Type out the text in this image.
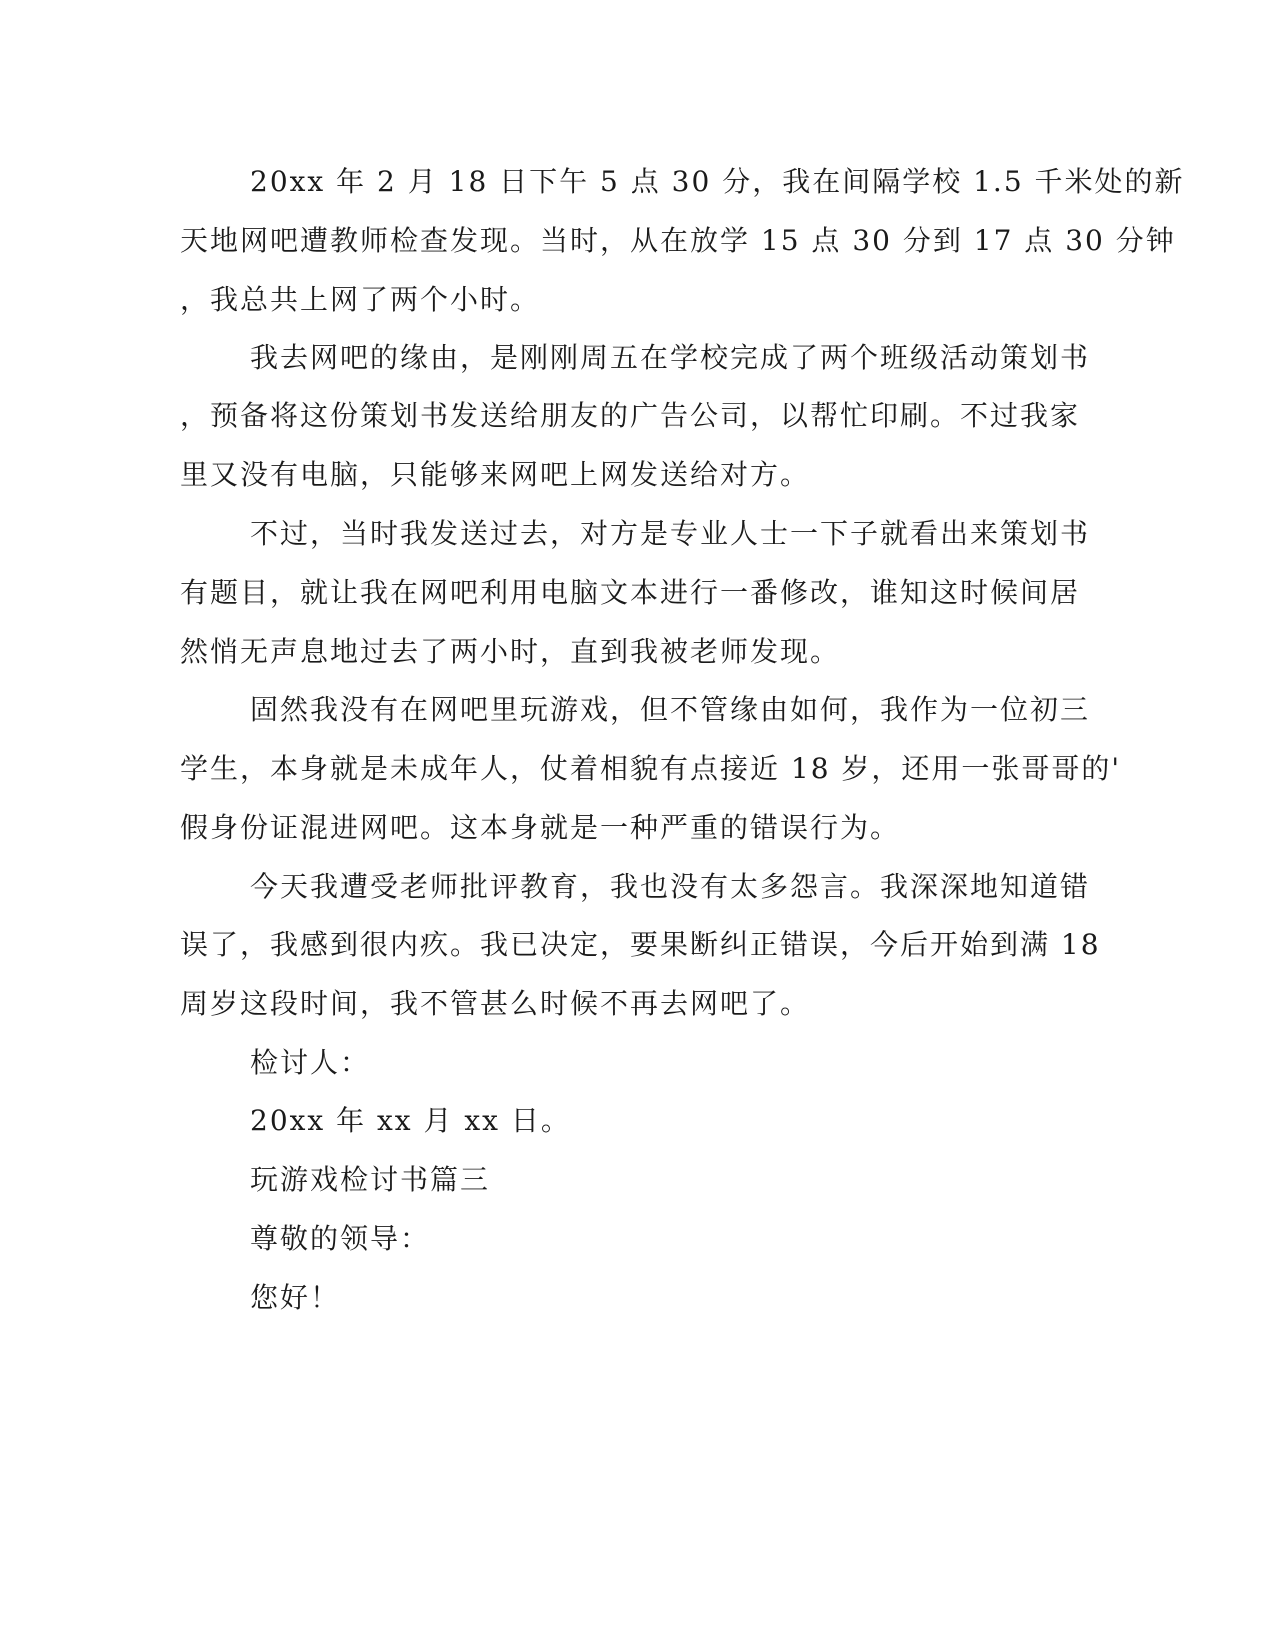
20xx 年 2 月 18 日下午 5 点 30 分，我在间隔学校 1.5 千米处的新
天地网吧遭教师检查发现。当时，从在放学 15 点 30 分到 17 点 30 分钟
，我总共上网了两个小时。
我去网吧的缘由，是刚刚周五在学校完成了两个班级活动策划书
，预备将这份策划书发送给朋友的广告公司，以帮忙印刷。不过我家
里又没有电脑，只能够来网吧上网发送给对方。
不过，当时我发送过去，对方是专业人士一下子就看出来策划书
有题目，就让我在网吧利用电脑文本进行一番修改，谁知这时候间居
然悄无声息地过去了两小时，直到我被老师发现。
固然我没有在网吧里玩游戏，但不管缘由如何，我作为一位初三
学生，本身就是未成年人，仗着相貌有点接近 18 岁，还用一张哥哥的'
假身份证混进网吧。这本身就是一种严重的错误行为。
今天我遭受老师批评教育，我也没有太多怨言。我深深地知道错
误了，我感到很内疚。我已决定，要果断纠正错误，今后开始到满 18
周岁这段时间，我不管甚么时候不再去网吧了。
检讨人：
20xx 年 xx 月 xx 日。
玩游戏检讨书篇三
尊敬的领导：
您好！
